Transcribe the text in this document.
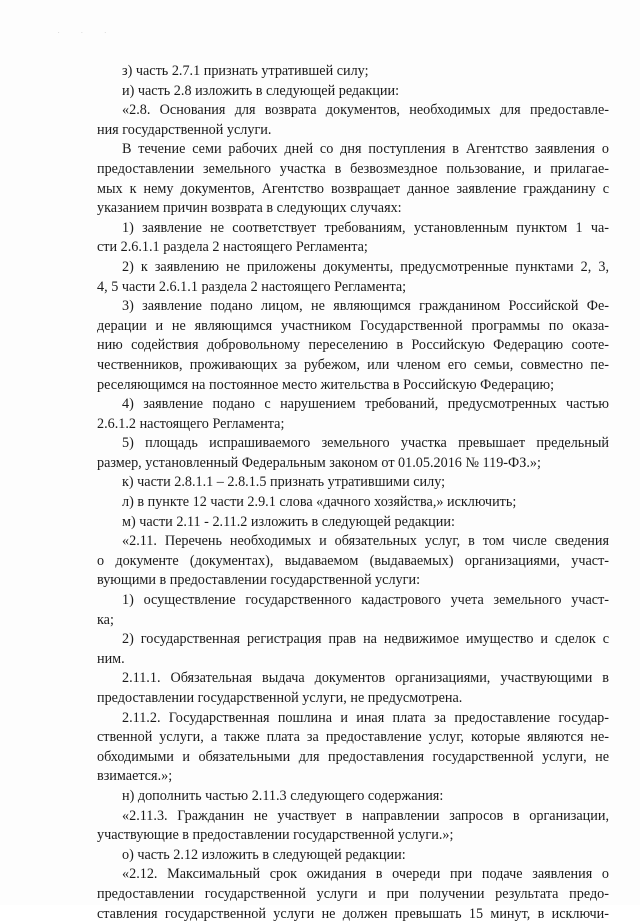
· · ·
з) часть 2.7.1 признать утратившей силу;
и) часть 2.8 изложить в следующей редакции:
«2.8. Основания для возврата документов, необходимых для предоставле-
ния государственной услуги.
В течение семи рабочих дней со дня поступления в Агентство заявления о
предоставлении земельного участка в безвозмездное пользование, и прилагае-
мых к нему документов, Агентство возвращает данное заявление гражданину с
указанием причин возврата в следующих случаях:
1) заявление не соответствует требованиям, установленным пунктом 1 ча-
сти 2.6.1.1 раздела 2 настоящего Регламента;
2) к заявлению не приложены документы, предусмотренные пунктами 2, 3,
4, 5 части 2.6.1.1 раздела 2 настоящего Регламента;
3) заявление подано лицом, не являющимся гражданином Российской Фе-
дерации и не являющимся участником Государственной программы по оказа-
нию содействия добровольному переселению в Российскую Федерацию сооте-
чественников, проживающих за рубежом, или членом его семьи, совместно пе-
реселяющимся на постоянное место жительства в Российскую Федерацию;
4) заявление подано с нарушением требований, предусмотренных частью
2.6.1.2 настоящего Регламента;
5) площадь испрашиваемого земельного участка превышает предельный
размер, установленный Федеральным законом от 01.05.2016 № 119-ФЗ.»;
к) части 2.8.1.1 – 2.8.1.5 признать утратившими силу;
л) в пункте 12 части 2.9.1 слова «дачного хозяйства,» исключить;
м) части 2.11 - 2.11.2 изложить в следующей редакции:
«2.11. Перечень необходимых и обязательных услуг, в том числе сведения
о документе (документах), выдаваемом (выдаваемых) организациями, участ-
вующими в предоставлении государственной услуги:
1) осуществление государственного кадастрового учета земельного участ-
ка;
2) государственная регистрация прав на недвижимое имущество и сделок с
ним.
2.11.1. Обязательная выдача документов организациями, участвующими в
предоставлении государственной услуги, не предусмотрена.
2.11.2. Государственная пошлина и иная плата за предоставление государ-
ственной услуги, а также плата за предоставление услуг, которые являются не-
обходимыми и обязательными для предоставления государственной услуги, не
взимается.»;
н) дополнить частью 2.11.3 следующего содержания:
«2.11.3. Гражданин не участвует в направлении запросов в организации,
участвующие в предоставлении государственной услуги.»;
о) часть 2.12 изложить в следующей редакции:
«2.12. Максимальный срок ожидания в очереди при подаче заявления о
предоставлении государственной услуги и при получении результата предо-
ставления государственной услуги не должен превышать 15 минут, в исключи-
